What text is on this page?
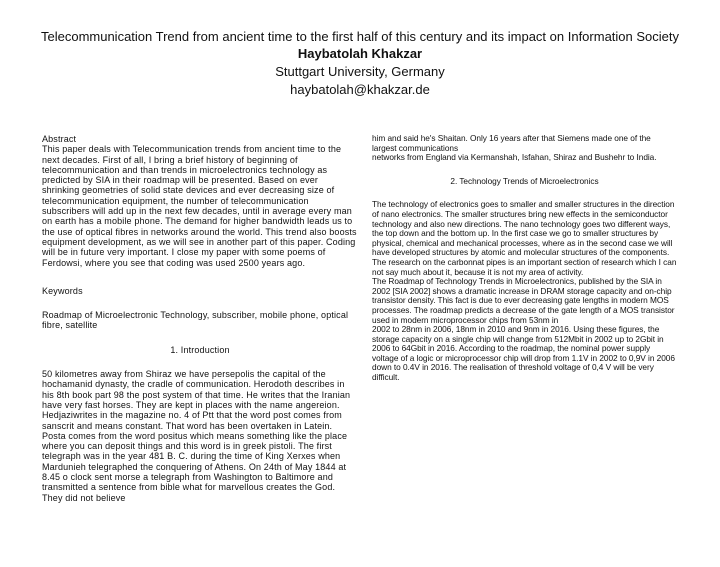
Telecommunication Trend from ancient time to the first half of this century and its impact on Information Society
Haybatolah Khakzar
Stuttgart University, Germany
haybatolah@khakzar.de

Abstract

This paper deals with Telecommunication trends from ancient time to the next decades. First of all, I bring a brief history of beginning of telecommunication and than trends in microelectronics technology as predicted by SIA in their roadmap will be presented. Based on ever shrinking geometries of solid state devices and ever decreasing size of telecommunication equipment, the number of telecommunication subscribers will add up in the next few decades, until in average every man on earth has a mobile phone. The demand for higher bandwidth leads us to the use of optical fibres in networks around the world. This trend also boosts equipment development, as we will see in another part of this paper. Coding will be in future very important. I close my paper with some poems of Ferdowsi, where you see that coding was used 2500 years ago.

Keywords

Roadmap of Microelectronic Technology, subscriber, mobile phone, optical fibre, satellite

1. Introduction

50 kilometres away from Shiraz we have persepolis the capital of the hochamanid dynasty, the cradle of communication. Herodoth describes in his 8th book part 98 the post system of that time. He writes that the Iranian have very fast horses. They are kept in places with the name angereion. Hedjaziwrites in the magazine no. 4 of Ptt that the word post comes from sanscrit and means constant. That word has been overtaken in Latein. Posta comes from the word positus which means something like the place where you can deposit things and this word is in greek pistoli. The first telegraph was in the year 481 B. C. during the time of King Xerxes when Mardunieh telegraphed the conquering of Athens. On 24th of May 1844 at 8.45 o clock sent morse a telegraph from Washington to Baltimore and transmitted a sentence from bible what for marvellous creates the God. They did not believe

him and said he's Shaitan. Only 16 years after that Siemens made one of the largest communications

networks from England via Kermanshah, Isfahan, Shiraz and Bushehr to India.

2. Technology Trends of Microelectronics

The technology of electronics goes to smaller and smaller structures in the direction of nano electronics. The smaller structures bring new effects in the semiconductor technology and also new directions. The nano technology goes two different ways, the top down and the bottom up. In the first case we go to smaller structures by physical, chemical and mechanical processes, where as in the second case we will have developed structures by atomic and molecular structures of the components. The research on the carbonnat pipes is an important section of research which I can not say much about it, because it is not my area of activity.

The Roadmap of Technology Trends in Microelectronics, published by the SIA in 2002 [SIA 2002] shows a dramatic increase in DRAM storage capacity and on-chip transistor density. This fact is due to ever decreasing gate lengths in modern MOS processes. The roadmap predicts a decrease of the gate length of a MOS transistor used in modern microprocessor chips from 53nm in

2002 to 28nm in 2006, 18nm in 2010 and 9nm in 2016. Using these figures, the storage capacity on a single chip will change from 512Mbit in 2002 up to 2Gbit in 2006 to 64Gbit in 2016. According to the roadmap, the nominal power supply voltage of a logic or microprocessor chip will drop from 1.1V in 2002 to 0,9V in 2006 down to 0.4V in 2016. The realisation of threshold voltage of 0,4 V will be very difficult.
